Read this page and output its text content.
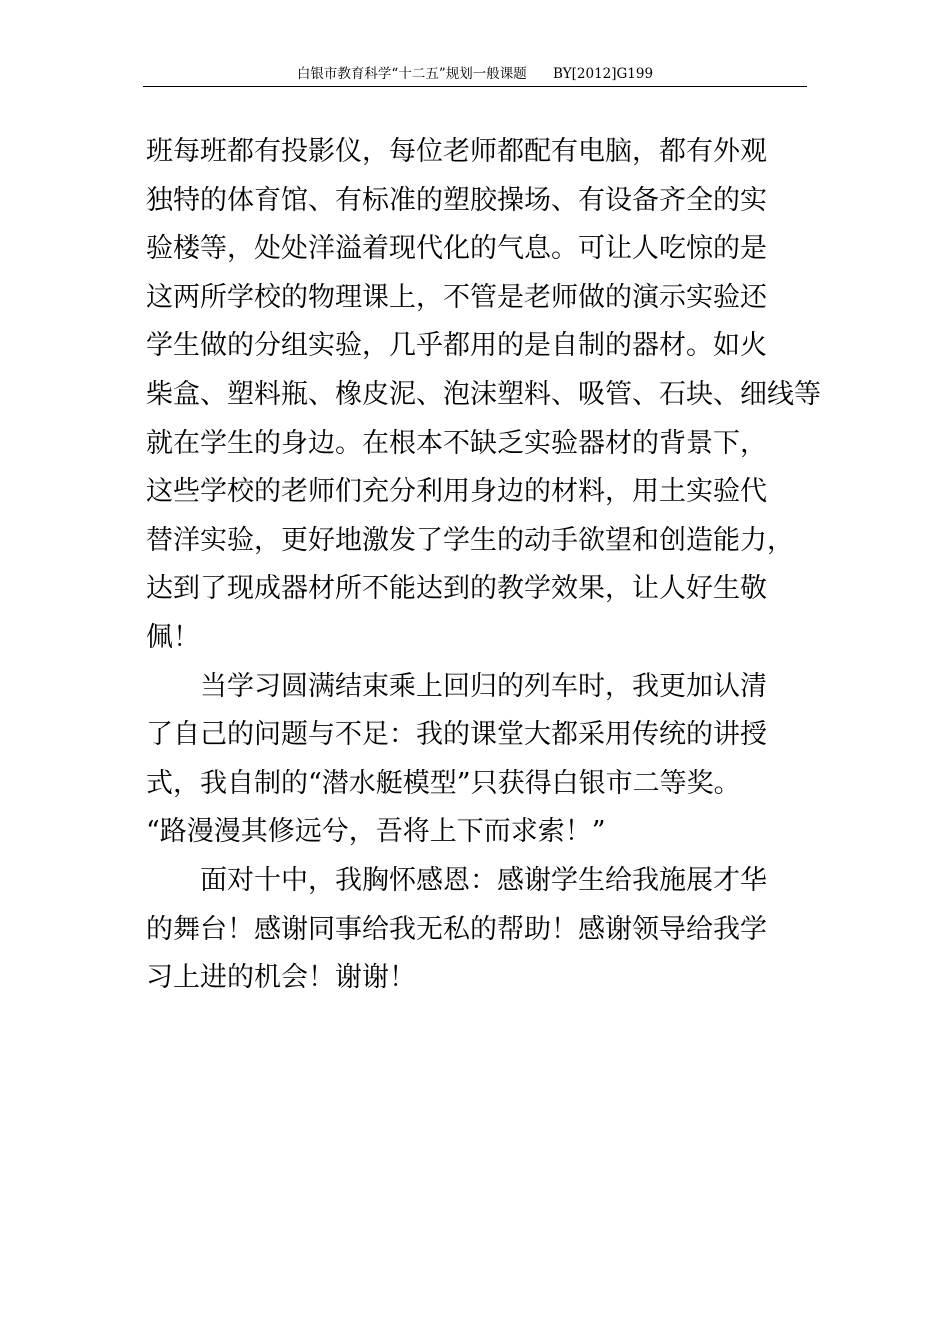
白银市教育科学“十二五”规划一般课题 BY[2012]G199
班每班都有投影仪，每位老师都配有电脑，都有外观
独特的体育馆、有标准的塑胶操场、有设备齐全的实
验楼等，处处洋溢着现代化的气息。可让人吃惊的是
这两所学校的物理课上，不管是老师做的演示实验还
学生做的分组实验，几乎都用的是自制的器材。如火
柴盒、塑料瓶、橡皮泥、泡沫塑料、吸管、石块、细线等
就在学生的身边。在根本不缺乏实验器材的背景下，
这些学校的老师们充分利用身边的材料，用土实验代
替洋实验，更好地激发了学生的动手欲望和创造能力，
达到了现成器材所不能达到的教学效果，让人好生敬
佩！
当学习圆满结束乘上回归的列车时，我更加认清
了自己的问题与不足：我的课堂大都采用传统的讲授
式，我自制的“潜水艇模型”只获得白银市二等奖。
“路漫漫其修远兮，吾将上下而求索！”
面对十中，我胸怀感恩：感谢学生给我施展才华
的舞台！感谢同事给我无私的帮助！感谢领导给我学
习上进的机会！谢谢！
